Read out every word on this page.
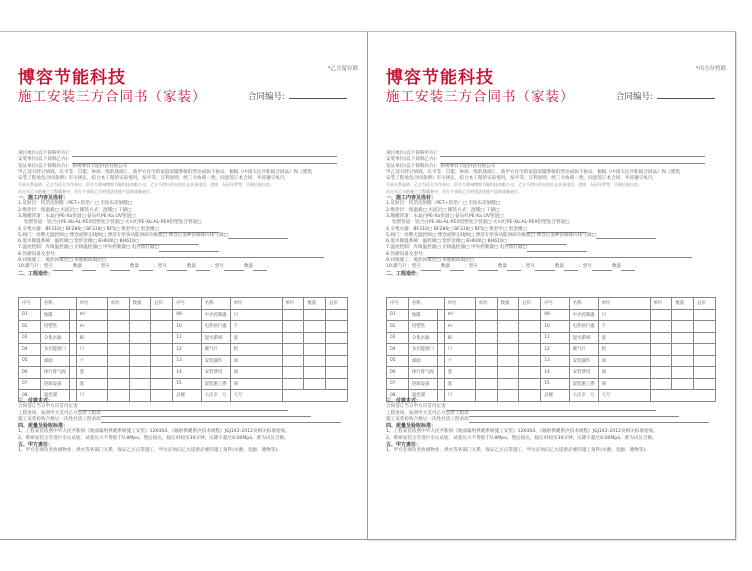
博容节能科技
施工安装三方合同书（家装）
*乙方留存联
合同编号:
项目单位(以下简称甲方)：
安装单位(以下简称乙方)：
鉴证单位(以下简称丙方)：郑州博容节能科技有限公司
甲乙双方经过协商，在平等、自愿、协商一致的基础上，就甲方住宅的家庭采暖系统的营达成如下协议：根据《中国人民共和国合同法》和《建筑
安装工程承包合同条例》有关规定，结合本工程的实际情况，按平等、互利原则，经三方协商一致，同意签订本合同，共同遵守执行。
合同关系说明：乙方为丙方合作单位，丙方为郑州博容节能科技有限公司，乙方不得以丙方的名义从事违法、违规、无证经营等，否则后果自负，
丙方对乙方的施工工程服务中，丙方不承担乙方的违法违规产品的质量责任。
一、施工内容及选材：
1.反射层：铝箔反射膜（PET+铝箔）□ 无纺布反射膜□
2.绝热层：保温板□ 水泥层□ 铺装方式：湿铺□ 干铺□
3.地暖管道：永晶白PE-Xa管道□ 钻石红PE-Xa UV管道□
铝塑管道：铝合白PE-Xb-AL-PEX铝塑复合管道□ 火山红PE-Xb-AL-PEX铝塑复合管道□
4.分集水器：BF310□ BF286□ BF318□ BF5□ 黄金甲□ 黑金刚□
5.阀门：虎牌无温控阀□ 博容虎牌无线阀□ 博容专用多功能回阀升级版□ 博容巨浪神管阀排污排气阀□
6.混水降温系统：温控阀□ 变形金刚□ BH600□ BH610□
7.温度控制：有线温控器□ 无线温控器□ 中央控制器□ 电热执行器□
8.热源设备及型号：
9.回填施工：地热回填层□ 木地板回填层□
10.暖气片： 型号	数量	； 型号	数量	； 型号	数量	； 型号	数量	。
二、工程造价：
序号	名称		单位	单价	数量	总价	序号	名称	单位	单价	数量	总价
01	地暖		m²				09	中央控制器	只			
02	铝塑管		m				10	电热执行器	个			
03	分集水器		路				11	混水系统	套			
04	多功能阀门		只				12	暖气片	组			
05	球阀		个				13	安装辅件	项			
06	排污排气阀		套				14	安装费用	项			
07	热源设备		套				15	混装施工费	项			
08	温控器		只				总额	人民币 元	大写			
三、付款方式：
合同签订当日甲方应首付定金
工程进场，按到甲方支付乙方总价工程款
施工安装验收合格后一次性付清工程余款
四、质量及验收标准：
1、工程安装依照中华人民共和国《地面辐射供暖系统施工安装》12K404、《辐射供暖供冷技术规程》JGJ142-2012及相关标准验收。
2、系统安装完毕进行水压试验，试验压力不得低于0.8Mpa，然后稳压，稳压时间为30分钟，压降不超过0.06Mpa，即为试压合格。
五、甲方责任：
1、甲方必须负责协调物业、供水等各部门关系，保证乙方正常施工，甲方必须向乙方提供必要的施工条件(水源、电源、储物等)。
博容节能科技
施工安装三方合同书（家装）
*丙方存档联
合同编号:
项目单位(以下简称甲方)：
安装单位(以下简称乙方)：
鉴证单位(以下简称丙方)：郑州博容节能科技有限公司
甲乙双方经过协商，在平等、自愿、协商一致的基础上，就甲方住宅的家庭采暖系统的营达成如下协议：根据《中国人民共和国合同法》和《建筑
安装工程承包合同条例》有关规定，结合本工程的实际情况，按平等、互利原则，经三方协商一致，同意签订本合同，共同遵守执行。
合同关系说明：乙方为丙方合作单位，丙方为郑州博容节能科技有限公司，乙方不得以丙方的名义从事违法、违规、无证经营等，否则后果自负，
丙方对乙方的施工工程服务中，丙方不承担乙方的违法违规产品的质量责任。
一、施工内容及选材：
1.反射层：铝箔反射膜（PET+铝箔）□ 无纺布反射膜□
2.绝热层：保温板□ 水泥层□ 铺装方式：湿铺□ 干铺□
3.地暖管道：永晶白PE-Xa管道□ 钻石红PE-Xa UV管道□
铝塑管道：铝合白PE-Xb-AL-PEX铝塑复合管道□ 火山红PE-Xb-AL-PEX铝塑复合管道□
4.分集水器：BF310□ BF286□ BF318□ BF5□ 黄金甲□ 黑金刚□
5.阀门：虎牌无温控阀□ 博容虎牌无线阀□ 博容专用多功能回阀升级版□ 博容巨浪神管阀排污排气阀□
6.混水降温系统：温控阀□ 变形金刚□ BH600□ BH610□
7.温度控制：有线温控器□ 无线温控器□ 中央控制器□ 电热执行器□
8.热源设备及型号：
9.回填施工：地热回填层□ 木地板回填层□
10.暖气片： 型号	数量	； 型号	数量	； 型号	数量	； 型号	数量	。
二、工程造价：
序号	名称		单位	单价	数量	总价	序号	名称	单位	单价	数量	总价
01	地暖		m²				09	中央控制器	只			
02	铝塑管		m				10	电热执行器	个			
03	分集水器		路				11	混水系统	套			
04	多功能阀门		只				12	暖气片	组			
05	球阀		个				13	安装辅件	项			
06	排污排气阀		套				14	安装费用	项			
07	热源设备		套				15	混装施工费	项			
08	温控器		只				总额	人民币 元	大写			
三、付款方式：
合同签订当日甲方应首付定金
工程进场，按到甲方支付乙方总价工程款
施工安装验收合格后一次性付清工程余款
四、质量及验收标准：
1、工程安装依照中华人民共和国《地面辐射供暖系统施工安装》12K404、《辐射供暖供冷技术规程》JGJ142-2012及相关标准验收。
2、系统安装完毕进行水压试验，试验压力不得低于0.8Mpa，然后稳压，稳压时间为30分钟，压降不超过0.06Mpa，即为试压合格。
五、甲方责任：
1、甲方必须负责协调物业、供水等各部门关系，保证乙方正常施工，甲方必须向乙方提供必要的施工条件(水源、电源、储物等)。
